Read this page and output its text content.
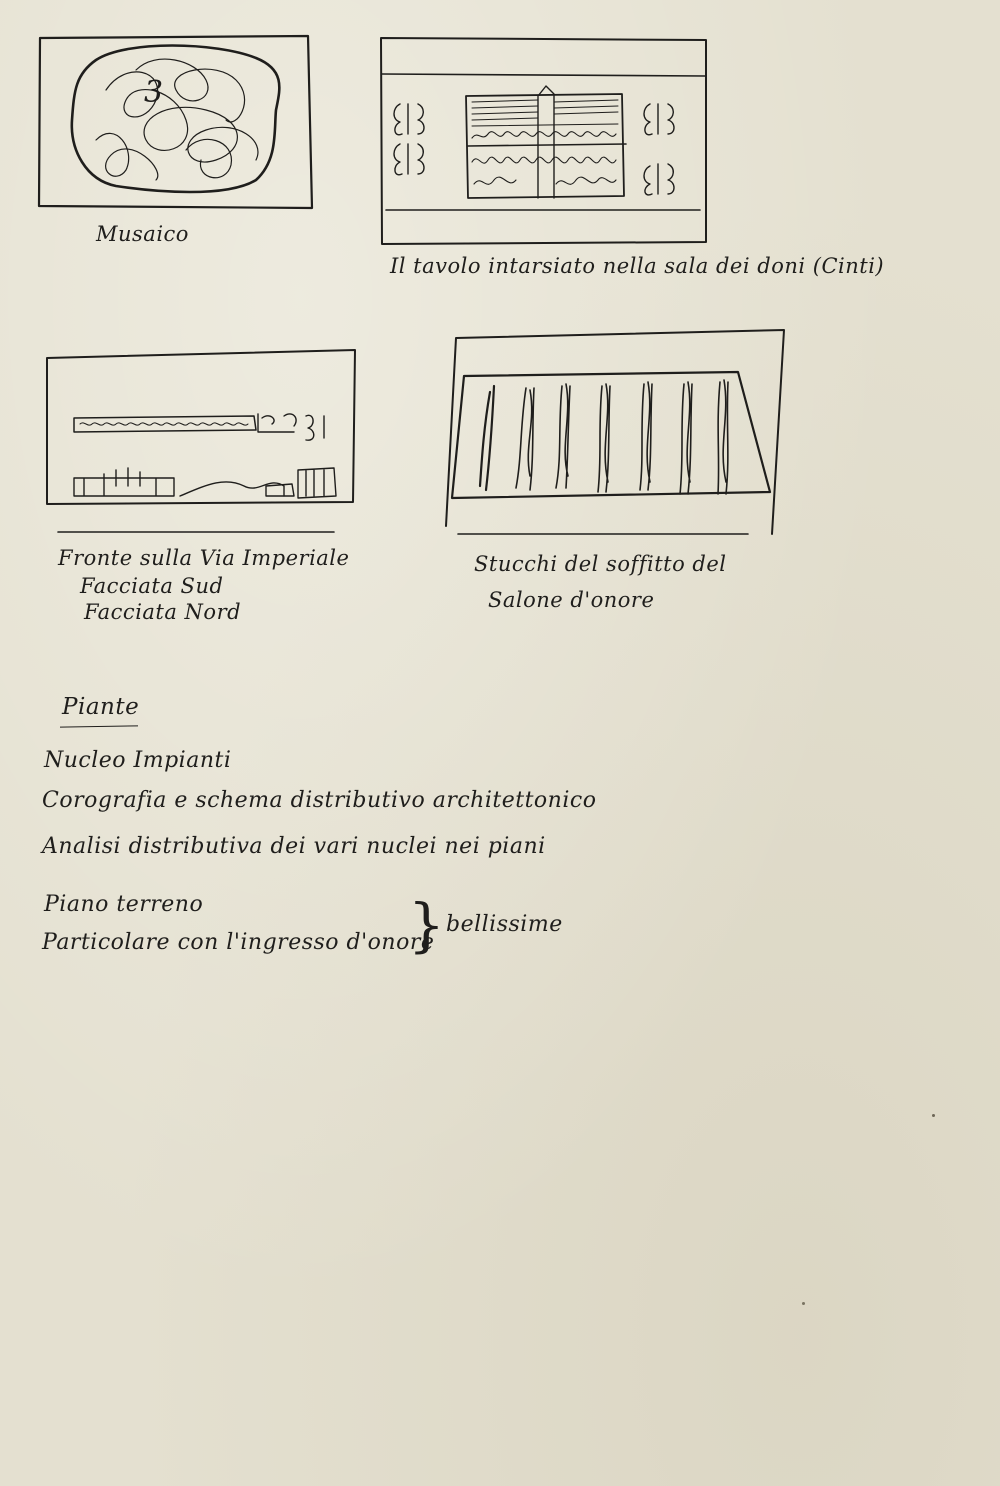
3
Musaico
Il tavolo intarsiato nella sala dei doni (Cinti)
Fronte sulla Via Imperiale
Facciata Sud
Facciata Nord
Stucchi del soffitto del
Salone d'onore
Piante
Nucleo Impianti
Corografia e schema distributivo architettonico
Analisi distributiva dei vari nuclei nei piani
Piano terreno
Particolare con l'ingresso d'onore
} bellissime
